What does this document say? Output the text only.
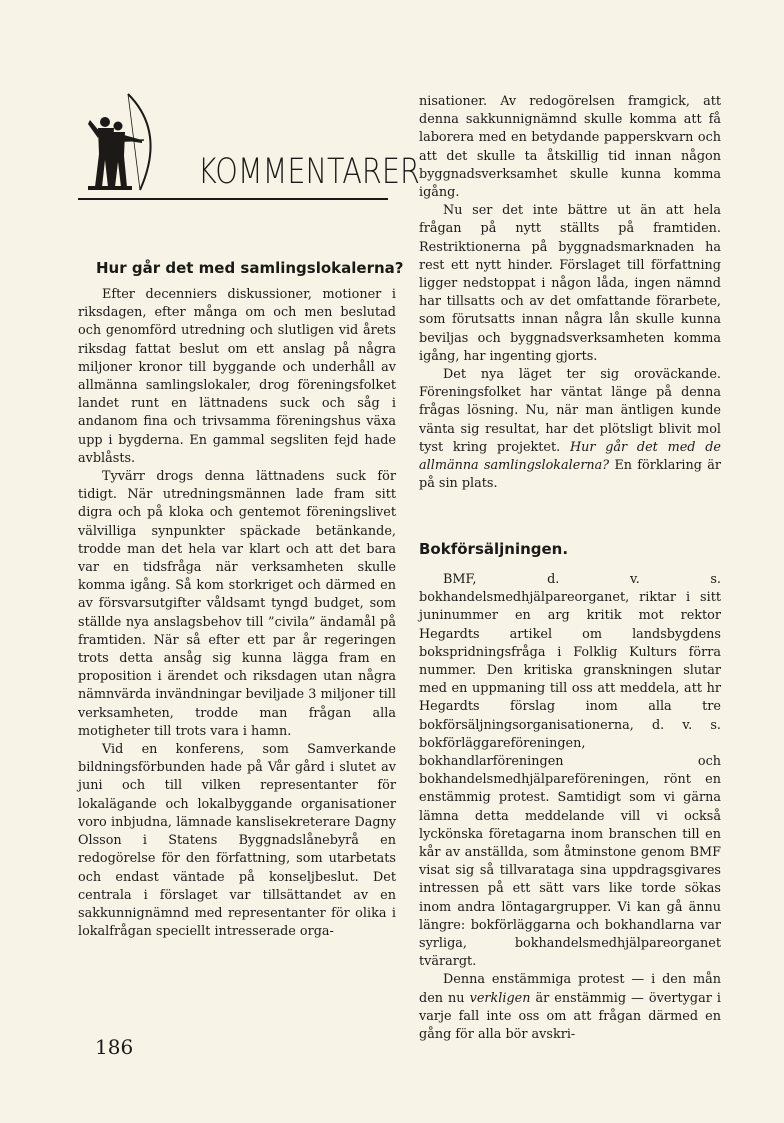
KOMMENTARER
Hur går det med samlingslokalerna?

Efter decenniers diskussioner, motioner i riksdagen, efter många om och men beslutad och genomförd utredning och slutligen vid årets riksdag fattat beslut om ett anslag på några miljoner kronor till byggande och underhåll av allmänna samlingslokaler, drog föreningsfolket landet runt en lättnadens suck och såg i andanom fina och trivsamma föreningshus växa upp i bygderna. En gammal segsliten fejd hade avblåsts.

Tyvärr drogs denna lättnadens suck för tidigt. När utredningsmännen lade fram sitt digra och på kloka och gentemot föreningslivet välvilliga synpunkter späckade betänkande, trodde man det hela var klart och att det bara var en tidsfråga när verksamheten skulle komma igång. Så kom storkriget och därmed en av försvarsutgifter våldsamt tyngd budget, som ställde nya anslagsbehov till ”civila” ändamål på framtiden. När så efter ett par år regeringen trots detta ansåg sig kunna lägga fram en proposition i ärendet och riksdagen utan några nämnvärda invändningar beviljade 3 miljoner till verksamheten, trodde man frågan alla motigheter till trots vara i hamn.

Vid en konferens, som Samverkande bildningsförbunden hade på Vår gård i slutet av juni och till vilken representanter för lokalägande och lokalbyggande organisationer voro inbjudna, lämnade kanslisekreterare Dagny Olsson i Statens Byggnadslånebyrå en redogörelse för den författning, som utarbetats och endast väntade på konseljbeslut. Det centrala i förslaget var tillsättandet av en sakkunnignämnd med representanter för olika i lokalfrågan speciellt intresserade orga-

nisationer. Av redogörelsen framgick, att denna sakkunnignämnd skulle komma att få laborera med en betydande papperskvarn och att det skulle ta åtskillig tid innan någon byggnadsverksamhet skulle kunna komma igång.

Nu ser det inte bättre ut än att hela frågan på nytt ställts på framtiden. Restriktionerna på byggnadsmarknaden ha rest ett nytt hinder. Förslaget till författning ligger nedstoppat i någon låda, ingen nämnd har tillsatts och av det omfattande förarbete, som förutsatts innan några lån skulle kunna beviljas och byggnadsverksamheten komma igång, har ingenting gjorts.

Det nya läget ter sig oroväckande. Föreningsfolket har väntat länge på denna frågas lösning. Nu, när man äntligen kunde vänta sig resultat, har det plötsligt blivit mol tyst kring projektet. Hur går det med de allmänna samlingslokalerna? En förklaring är på sin plats.

Bokförsäljningen.

BMF, d. v. s. bokhandelsmedhjälpareorganet, riktar i sitt juninummer en arg kritik mot rektor Hegardts artikel om landsbygdens bokspridningsfråga i Folklig Kulturs förra nummer. Den kritiska granskningen slutar med en uppmaning till oss att meddela, att hr Hegardts förslag inom alla tre bokförsäljningsorganisationerna, d. v. s. bokförläggareföreningen, bokhandlarföreningen och bokhandelsmedhjälpareföreningen, rönt en enstämmig protest. Samtidigt som vi gärna lämna detta meddelande vill vi också lyckönska företagarna inom branschen till en kår av anställda, som åtminstone genom BMF visat sig så tillvaratagа sina uppdragsgivares intressen på ett sätt vars like torde sökas inom andra löntagargrupper. Vi kan gå ännu längre: bokförläggarna och bokhandlarna var syrliga, bokhandelsmedhjälpareorganet tvärargt.

Denna enstämmiga protest — i den mån den nu verkligen är enstämmig — övertygar i varje fall inte oss om att frågan därmed en gång för alla bör avskri-

186
